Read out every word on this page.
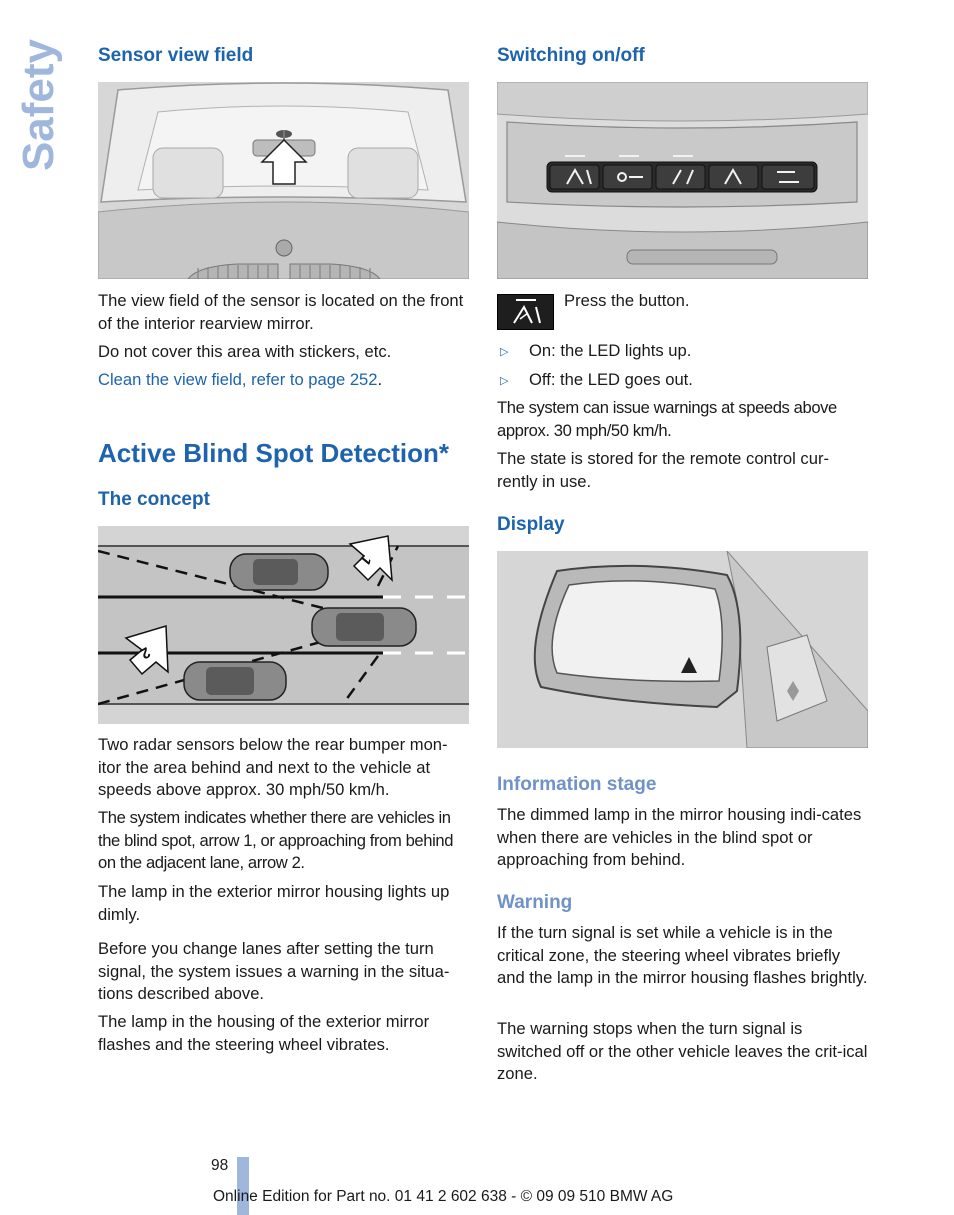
Safety Sensor view field
The view field of the sensor is located on the front of the interior rearview mirror.
Do not cover this area with stickers, etc.
Clean the view field, refer to page 252.
Active Blind Spot Detection*
The concept
1
2
Two radar sensors below the rear bumper mon-itor the area behind and next to the vehicle at speeds above approx. 30 mph/50 km/h.
The system indicates whether there are vehicles in the blind spot, arrow 1, or approaching from behind on the adjacent lane, arrow 2.
The lamp in the exterior mirror housing lights up dimly.
Before you change lanes after setting the turn signal, the system issues a warning in the situa-tions described above.
The lamp in the housing of the exterior mirror flashes and the steering wheel vibrates.
Switching on/off
Press the button.
▷ On: the LED lights up.
▷ Off: the LED goes out.
The system can issue warnings at speeds above approx. 30 mph/50 km/h.
The state is stored for the remote control cur-rently in use.
Display
Information stage
The dimmed lamp in the mirror housing indi-cates when there are vehicles in the blind spot or approaching from behind.
Warning
If the turn signal is set while a vehicle is in the critical zone, the steering wheel vibrates briefly and the lamp in the mirror housing flashes brightly.
The warning stops when the turn signal is switched off or the other vehicle leaves the crit-ical zone.
98
Online Edition for Part no. 01 41 2 602 638 - © 09 09 510 BMW AG
